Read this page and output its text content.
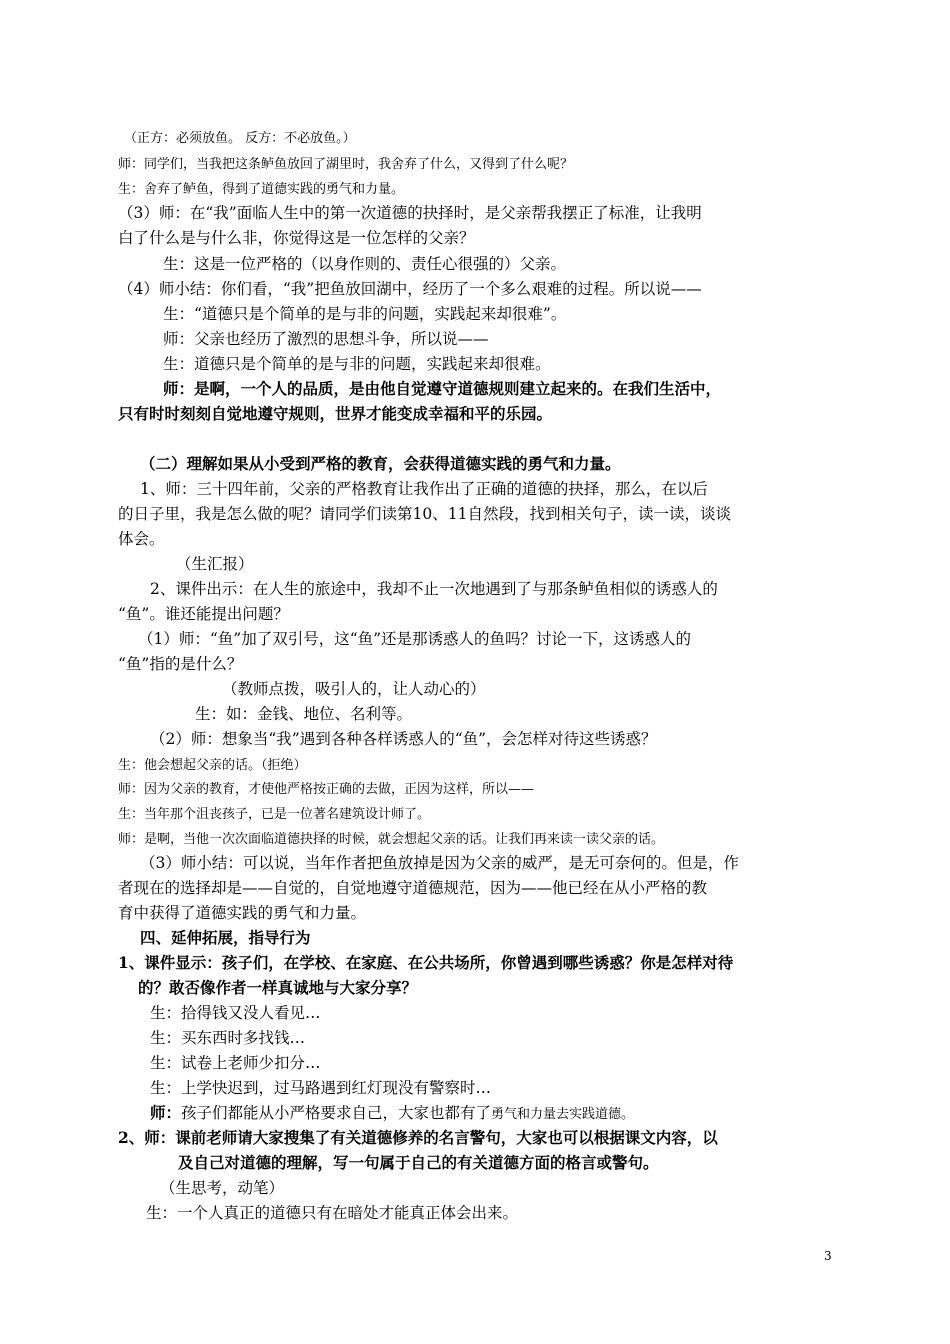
（正方：必须放鱼。 反方：不必放鱼。）
师：同学们，当我把这条鲈鱼放回了湖里时，我舍弃了什么，又得到了什么呢？
生：舍弃了鲈鱼，得到了道德实践的勇气和力量。
（3）师：在“我”面临人生中的第一次道德的抉择时，是父亲帮我摆正了标准，让我明
白了什么是与什么非，你觉得这是一位怎样的父亲？
生：这是一位严格的（以身作则的、责任心很强的）父亲。
（4）师小结：你们看，“我”把鱼放回湖中，经历了一个多么艰难的过程。所以说——
生：“道德只是个简单的是与非的问题，实践起来却很难”。
师：父亲也经历了激烈的思想斗争，所以说——
生：道德只是个简单的是与非的问题，实践起来却很难。
师：是啊，一个人的品质，是由他自觉遵守道德规则建立起来的。在我们生活中，
只有时时刻刻自觉地遵守规则，世界才能变成幸福和平的乐园。
（二）理解如果从小受到严格的教育，会获得道德实践的勇气和力量。
1、师：三十四年前，父亲的严格教育让我作出了正确的道德的抉择，那么，在以后
的日子里，我是怎么做的呢？请同学们读第10、11自然段，找到相关句子，读一读，谈谈
体会。
（生汇报）
2、课件出示：在人生的旅途中，我却不止一次地遇到了与那条鲈鱼相似的诱惑人的
“鱼”。谁还能提出问题？
（1）师：“鱼”加了双引号，这“鱼”还是那诱惑人的鱼吗？讨论一下，这诱惑人的
“鱼”指的是什么？
（教师点拨，吸引人的，让人动心的）
生：如：金钱、地位、名利等。
（2）师：想象当“我”遇到各种各样诱惑人的“鱼”，会怎样对待这些诱惑？
生：他会想起父亲的话。（拒绝）
师：因为父亲的教育，才使他严格按正确的去做，正因为这样，所以——
生：当年那个沮丧孩子，已是一位著名建筑设计师了。
师：是啊，当他一次次面临道德抉择的时候，就会想起父亲的话。让我们再来读一读父亲的话。
（3）师小结：可以说，当年作者把鱼放掉是因为父亲的威严，是无可奈何的。但是，作
者现在的选择却是——自觉的，自觉地遵守道德规范，因为——他已经在从小严格的教
育中获得了道德实践的勇气和力量。
四、延伸拓展，指导行为
1、课件显示：孩子们，在学校、在家庭、在公共场所，你曾遇到哪些诱惑？你是怎样对待
的？敢否像作者一样真诚地与大家分享？
生：拾得钱又没人看见…
生：买东西时多找钱…
生：试卷上老师少扣分…
生：上学快迟到，过马路遇到红灯现没有警察时…
师：孩子们都能从小严格要求自己，大家也都有了勇气和力量去实践道德。
2、师：课前老师请大家搜集了有关道德修养的名言警句，大家也可以根据课文内容，以
及自己对道德的理解，写一句属于自己的有关道德方面的格言或警句。
（生思考，动笔）
生：一个人真正的道德只有在暗处才能真正体会出来。
3
